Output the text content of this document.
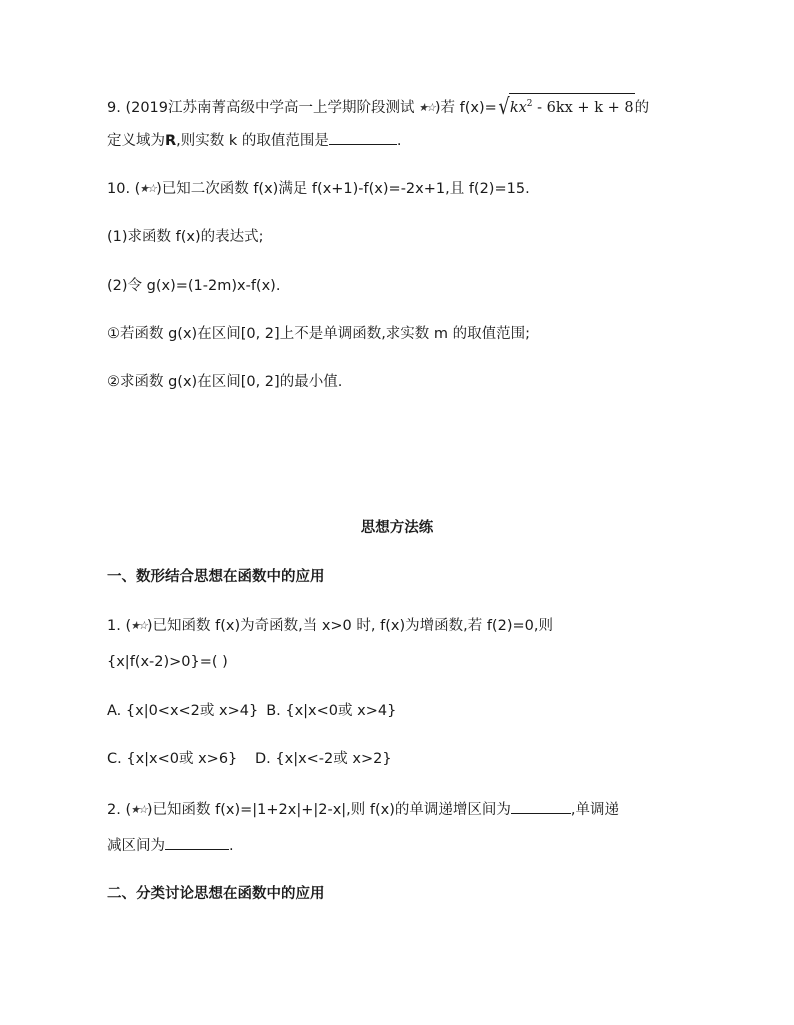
9. (2019江苏南菁高级中学高一上学期阶段测试 ★☆)若 $f(x)=√kx^2 - 6kx + k + 8$的
定义域为R,则实数 k 的取值范围是	.
10. (★☆)已知二次函数 f(x)满足 f(x+1)-f(x)=-2x+1,且 f(2)=15.
(1)求函数 f(x)的表达式;
(2)令 g(x)=(1-2m)x-f(x).
①若函数 g(x)在区间[0, 2]上不是单调函数,求实数 m 的取值范围;
②求函数 g(x)在区间[0, 2]的最小值.
思想方法练
一、数形结合思想在函数中的应用
1. (★☆)已知函数 f(x)为奇函数,当 x>0 时, f(x)为增函数,若 f(2)=0,则
{x|f(x-2)>0}=( )
A. {x|0<x<2或 x>4} B. {x|x<0或 x>4}
C. {x|x<0或 x>6} D. {x|x<-2或 x>2}
2. (★☆)已知函数 f(x)=|1+2x|+|2-x|,则 f(x)的单调递增区间为	,单调递
减区间为	.
二、分类讨论思想在函数中的应用
